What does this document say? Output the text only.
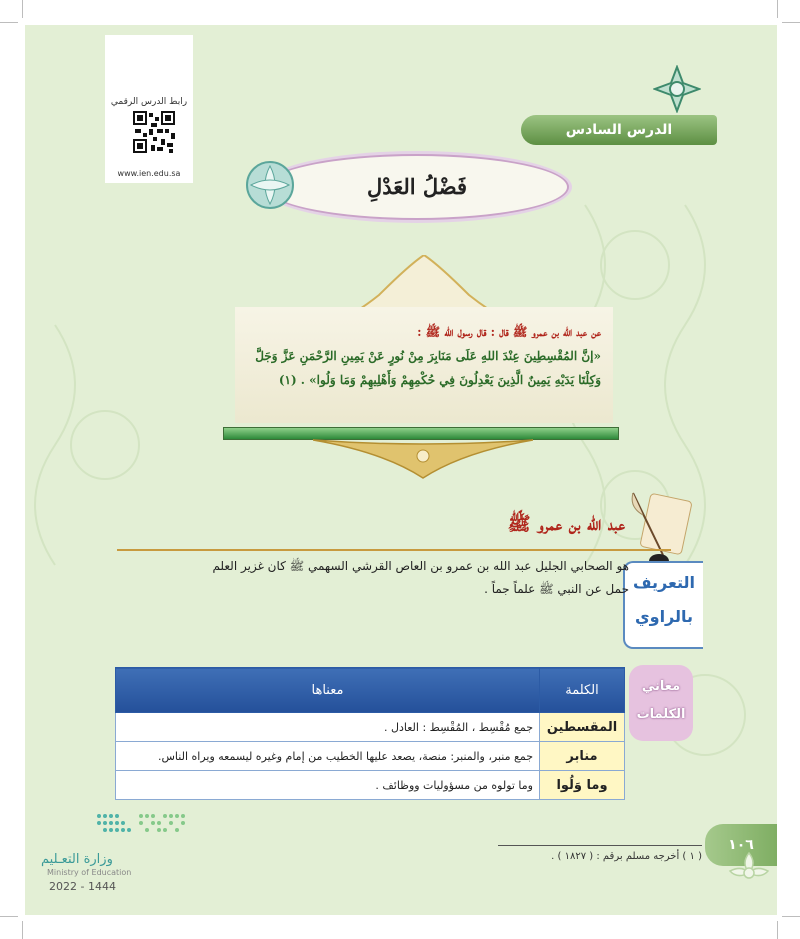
رابط الدرس الرقمي
www.ien.edu.sa
الدرس السادس
فَضْلُ العَدْلِ
عن عبد الله بن عمرو ﷺ قال : قال رسول الله ﷺ :
«إنَّ المُقْسِطِينَ عِنْدَ اللهِ عَلَى مَنَابِرَ مِنْ نُورٍ عَنْ يَمِينِ الرَّحْمَنِ عَزَّ وَجَلَّ
وَكِلْتَا يَدَيْهِ يَمِينٌ الَّذِينَ يَعْدِلُونَ فِي حُكْمِهِمْ وَأَهْلِيهِمْ وَمَا وَلُوا» . (١)
عبد الله بن عمرو ﷺ
التعريف
بالراوي
هو الصحابي الجليل عبد الله بن عمرو بن العاص القرشي السهمي ﷺ كان غزير العلم
حمل عن النبي ﷺ علماً جماً .
معاني
الكلمات
الكلمة	معناها
المقسطين	جمع مُقْسِط ، المُقْسِط : العادل .
منابر	جمع منبر، والمنبر: منصة، يصعد عليها الخطيب من إمام وغيره ليسمعه ويراه الناس.
وما وَلُوا	وما تولوه من مسؤوليات ووظائف .
وزارة التعـليم
Ministry of Education
2022 - 1444
( ١ ) أخرجه مسلم برقم : ( ١٨٢٧ ) .
١٠٦
